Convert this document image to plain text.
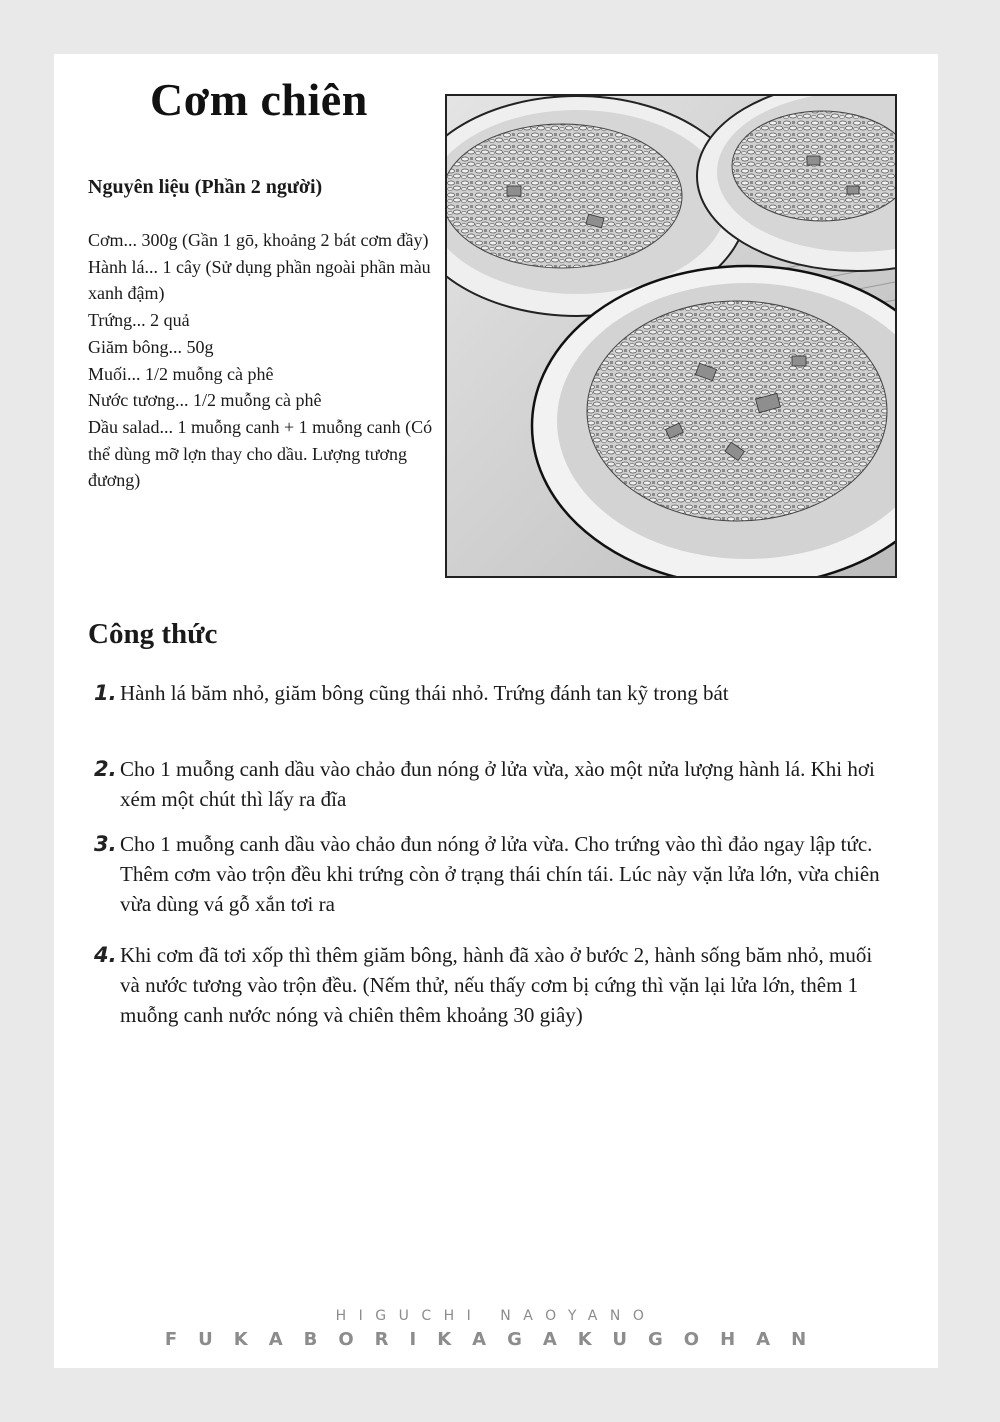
Cơm chiên
Nguyên liệu (Phần 2 người)
Cơm... 300g (Gần 1 gō, khoảng 2 bát cơm đầy)
Hành lá... 1 cây (Sử dụng phần ngoài phần màu xanh đậm)
Trứng... 2 quả
Giăm bông... 50g
Muối... 1/2 muỗng cà phê
Nước tương... 1/2 muỗng cà phê
Dầu salad... 1 muỗng canh + 1 muỗng canh (Có thể dùng mỡ lợn thay cho dầu. Lượng tương đương)
Công thức
1. Hành lá băm nhỏ, giăm bông cũng thái nhỏ. Trứng đánh tan kỹ trong bát
2. Cho 1 muỗng canh dầu vào chảo đun nóng ở lửa vừa, xào một nửa lượng hành lá. Khi hơi xém một chút thì lấy ra đĩa
3. Cho 1 muỗng canh dầu vào chảo đun nóng ở lửa vừa. Cho trứng vào thì đảo ngay lập tức. Thêm cơm vào trộn đều khi trứng còn ở trạng thái chín tái. Lúc này vặn lửa lớn, vừa chiên vừa dùng vá gỗ xắn tơi ra
4. Khi cơm đã tơi xốp thì thêm giăm bông, hành đã xào ở bước 2, hành sống băm nhỏ, muối và nước tương vào trộn đều. (Nếm thử, nếu thấy cơm bị cứng thì vặn lại lửa lớn, thêm 1 muỗng canh nước nóng và chiên thêm khoảng 30 giây)
HIGUCHI NAOYANO
FUKABORIKAGAKUGOHAN
